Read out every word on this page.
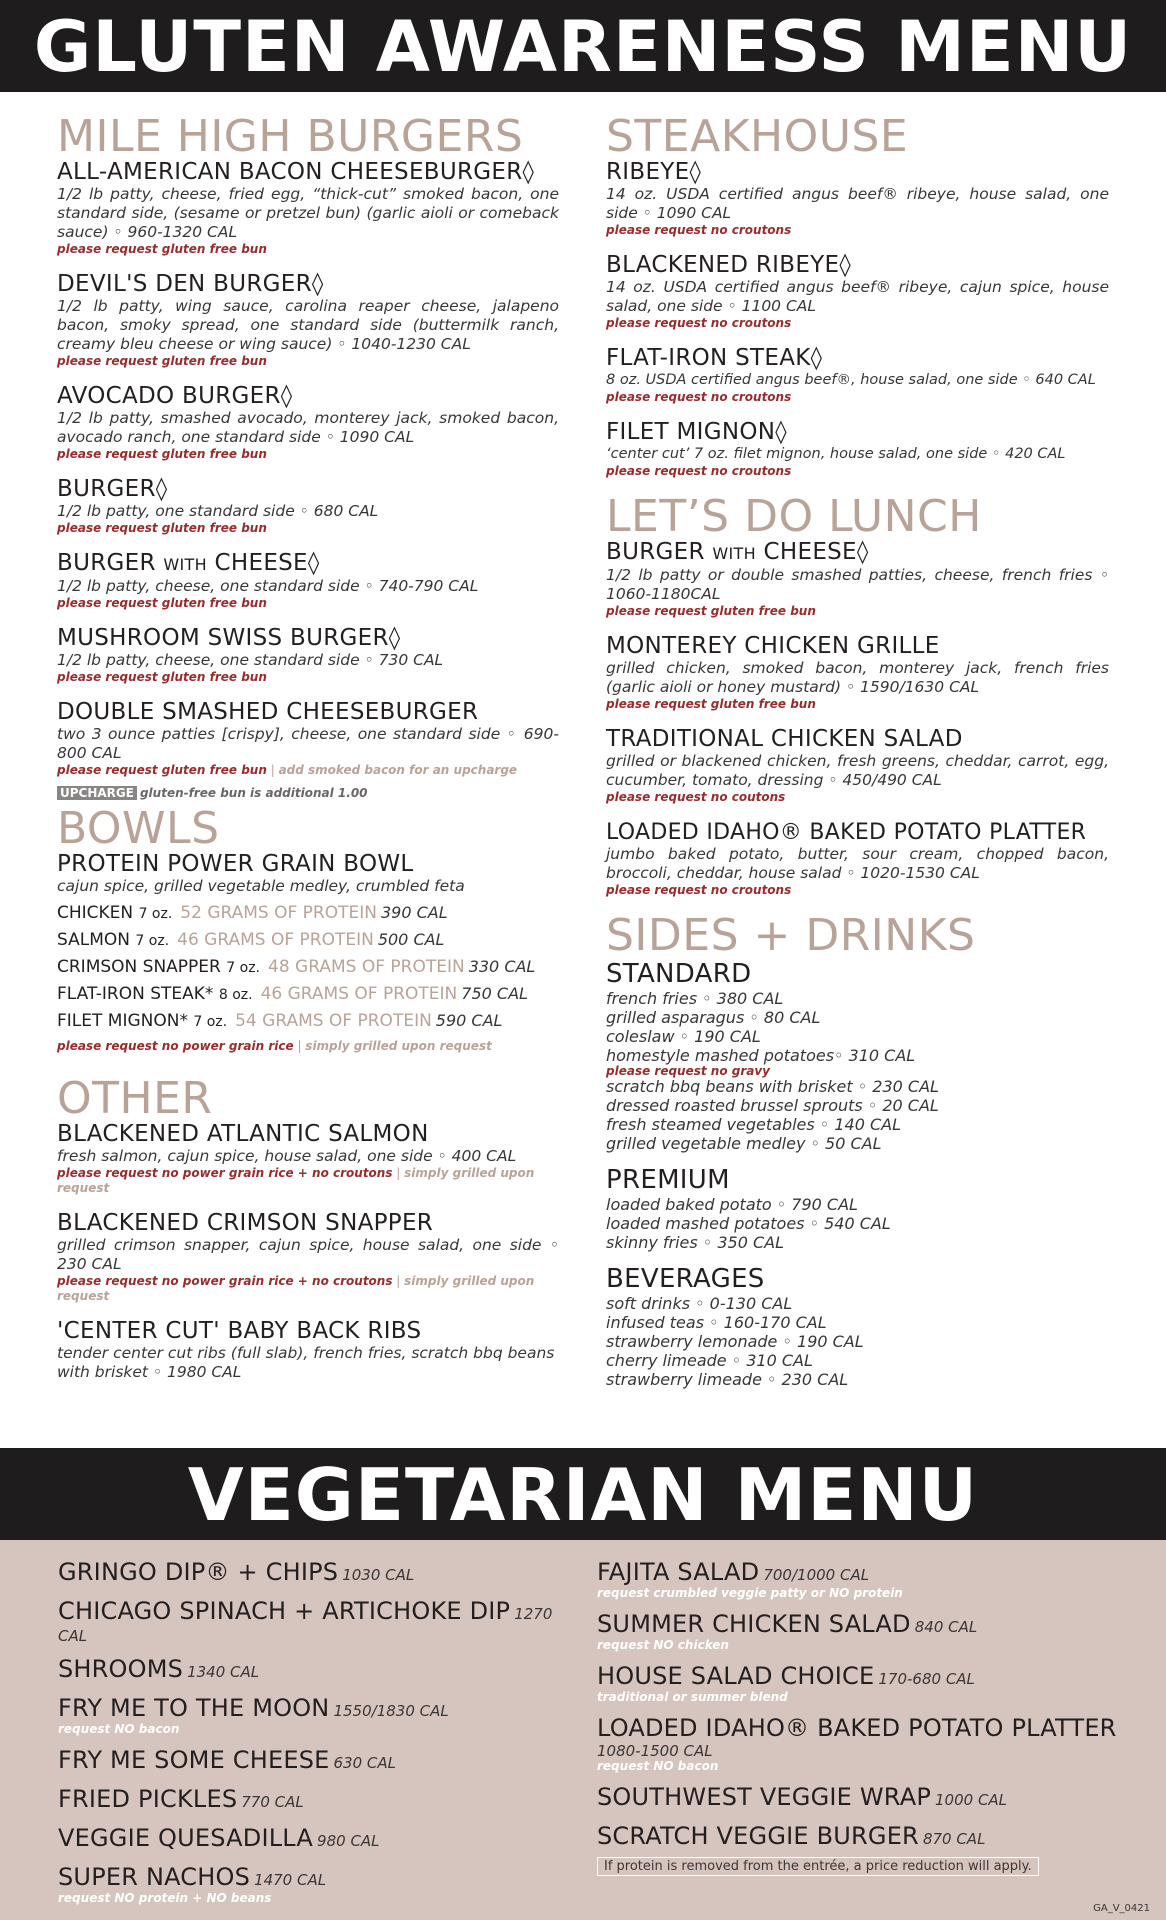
GLUTEN AWARENESS MENU
MILE HIGH BURGERS
ALL-AMERICAN BACON CHEESEBURGER◊
1/2 lb patty, cheese, fried egg, “thick-cut” smoked bacon, one standard side, (sesame or pretzel bun) (garlic aioli or comeback sauce) ◦ 960-1320 CAL
please request gluten free bun
DEVIL'S DEN BURGER◊
1/2 lb patty, wing sauce, carolina reaper cheese, jalapeno bacon, smoky spread, one standard side (buttermilk ranch, creamy bleu cheese or wing sauce) ◦ 1040-1230 CAL
please request gluten free bun
AVOCADO BURGER◊
1/2 lb patty, smashed avocado, monterey jack, smoked bacon, avocado ranch, one standard side ◦ 1090 CAL
please request gluten free bun
BURGER◊
1/2 lb patty, one standard side ◦ 680 CAL
please request gluten free bun
BURGER WITH CHEESE◊
1/2 lb patty, cheese, one standard side ◦ 740-790 CAL
please request gluten free bun
MUSHROOM SWISS BURGER◊
1/2 lb patty, cheese, one standard side ◦ 730 CAL
please request gluten free bun
DOUBLE SMASHED CHEESEBURGER
two 3 ounce patties [crispy], cheese, one standard side ◦ 690-800 CAL
please request gluten free bun | add smoked bacon for an upcharge
UPCHARGE gluten-free bun is additional 1.00
BOWLS
PROTEIN POWER GRAIN BOWL
cajun spice, grilled vegetable medley, crumbled feta
CHICKEN 7 oz. 52 GRAMS OF PROTEIN 390 CAL
SALMON 7 oz. 46 GRAMS OF PROTEIN 500 CAL
CRIMSON SNAPPER 7 oz. 48 GRAMS OF PROTEIN 330 CAL
FLAT-IRON STEAK* 8 oz. 46 GRAMS OF PROTEIN 750 CAL
FILET MIGNON* 7 oz. 54 GRAMS OF PROTEIN 590 CAL
please request no power grain rice | simply grilled upon request
OTHER
BLACKENED ATLANTIC SALMON
fresh salmon, cajun spice, house salad, one side ◦ 400 CAL
please request no power grain rice + no croutons | simply grilled upon request
BLACKENED CRIMSON SNAPPER
grilled crimson snapper, cajun spice, house salad, one side ◦ 230 CAL
please request no power grain rice + no croutons | simply grilled upon request
'CENTER CUT' BABY BACK RIBS
tender center cut ribs (full slab), french fries, scratch bbq beans with brisket ◦ 1980 CAL
STEAKHOUSE
RIBEYE◊
14 oz. USDA certified angus beef® ribeye, house salad, one side ◦ 1090 CAL
please request no croutons
BLACKENED RIBEYE◊
14 oz. USDA certified angus beef® ribeye, cajun spice, house salad, one side ◦ 1100 CAL
please request no croutons
FLAT-IRON STEAK◊
8 oz. USDA certified angus beef®, house salad, one side ◦ 640 CAL
please request no croutons
FILET MIGNON◊
‘center cut’ 7 oz. filet mignon, house salad, one side ◦ 420 CAL
please request no croutons
LET’S DO LUNCH
BURGER WITH CHEESE◊
1/2 lb patty or double smashed patties, cheese, french fries ◦ 1060-1180CAL
please request gluten free bun
MONTEREY CHICKEN GRILLE
grilled chicken, smoked bacon, monterey jack, french fries (garlic aioli or honey mustard) ◦ 1590/1630 CAL
please request gluten free bun
TRADITIONAL CHICKEN SALAD
grilled or blackened chicken, fresh greens, cheddar, carrot, egg, cucumber, tomato, dressing ◦ 450/490 CAL
please request no coutons
LOADED IDAHO® BAKED POTATO PLATTER
jumbo baked potato, butter, sour cream, chopped bacon, broccoli, cheddar, house salad ◦ 1020-1530 CAL
please request no croutons
SIDES + DRINKS
STANDARD
french fries ◦ 380 CAL
grilled asparagus ◦ 80 CAL
coleslaw ◦ 190 CAL
homestyle mashed potatoes◦ 310 CAL
please request no gravy
scratch bbq beans with brisket ◦ 230 CAL
dressed roasted brussel sprouts ◦ 20 CAL
fresh steamed vegetables ◦ 140 CAL
grilled vegetable medley ◦ 50 CAL
PREMIUM
loaded baked potato ◦ 790 CAL
loaded mashed potatoes ◦ 540 CAL
skinny fries ◦ 350 CAL
BEVERAGES
soft drinks ◦ 0-130 CAL
infused teas ◦ 160-170 CAL
strawberry lemonade ◦ 190 CAL
cherry limeade ◦ 310 CAL
strawberry limeade ◦ 230 CAL
VEGETARIAN MENU
GRINGO DIP® + CHIPS 1030 CAL
CHICAGO SPINACH + ARTICHOKE DIP 1270 CAL
SHROOMS 1340 CAL
FRY ME TO THE MOON 1550/1830 CAL
request NO bacon
FRY ME SOME CHEESE 630 CAL
FRIED PICKLES 770 CAL
VEGGIE QUESADILLA 980 CAL
SUPER NACHOS 1470 CAL
request NO protein + NO beans
FAJITA SALAD 700/1000 CAL
request crumbled veggie patty or NO protein
SUMMER CHICKEN SALAD 840 CAL
request NO chicken
HOUSE SALAD CHOICE 170-680 CAL
traditional or summer blend
LOADED IDAHO® BAKED POTATO PLATTER
1080-1500 CAL
request NO bacon
SOUTHWEST VEGGIE WRAP 1000 CAL
SCRATCH VEGGIE BURGER 870 CAL
If protein is removed from the entrée, a price reduction will apply.
GA_V_0421
